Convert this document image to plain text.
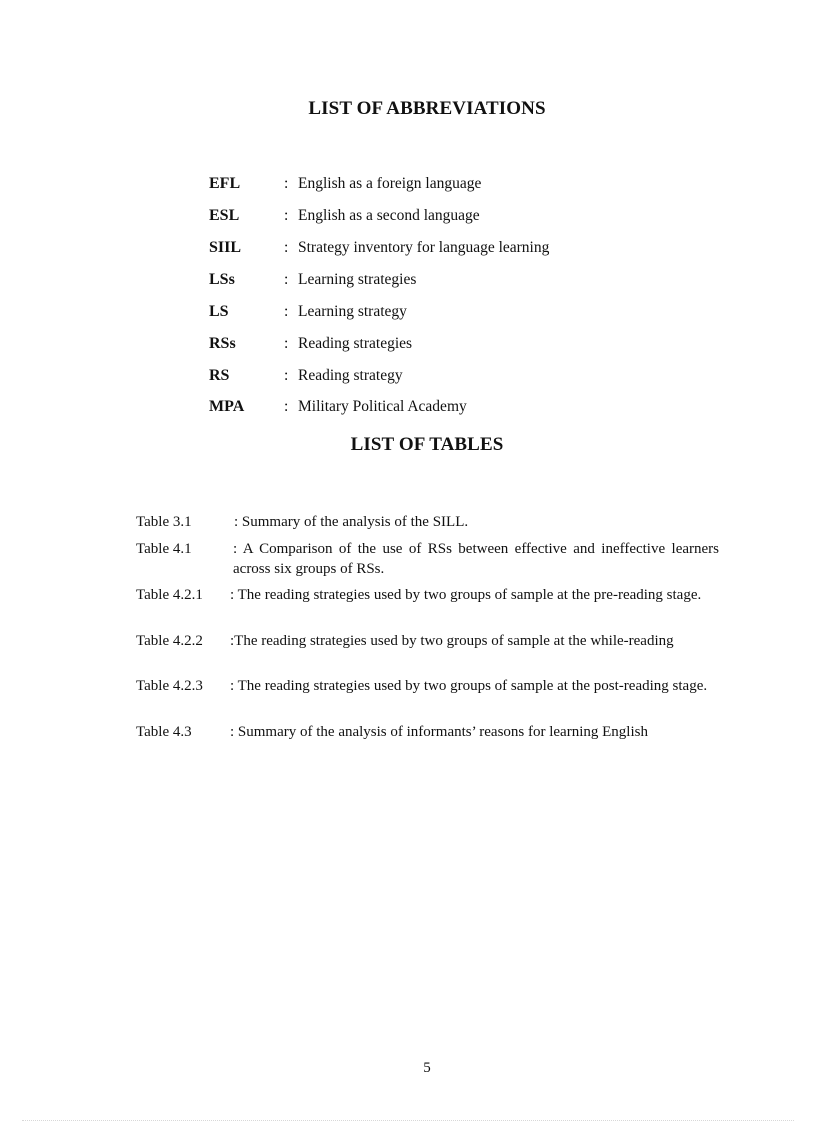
LIST OF ABBREVIATIONS
EFL	: English as a foreign language
ESL	: English as a second language
SIIL	: Strategy inventory for language learning
LSs	: Learning strategies
LS	: Learning strategy
RSs	: Reading strategies
RS	: Reading strategy
MPA	: Military Political Academy
LIST OF TABLES
Table 3.1	: Summary of the analysis of the SILL.
Table 4.1	: A Comparison of the use of RSs between effective and ineffective learners across six groups of RSs.
Table 4.2.1 : The reading strategies used by two groups of sample at the pre-reading stage.
Table 4.2.2 :The reading strategies used by two groups of sample at the while-reading
Table 4.2.3 : The reading strategies used by two groups of sample at the post-reading stage.
Table 4.3	: Summary of the analysis of informants’ reasons for learning English
5
